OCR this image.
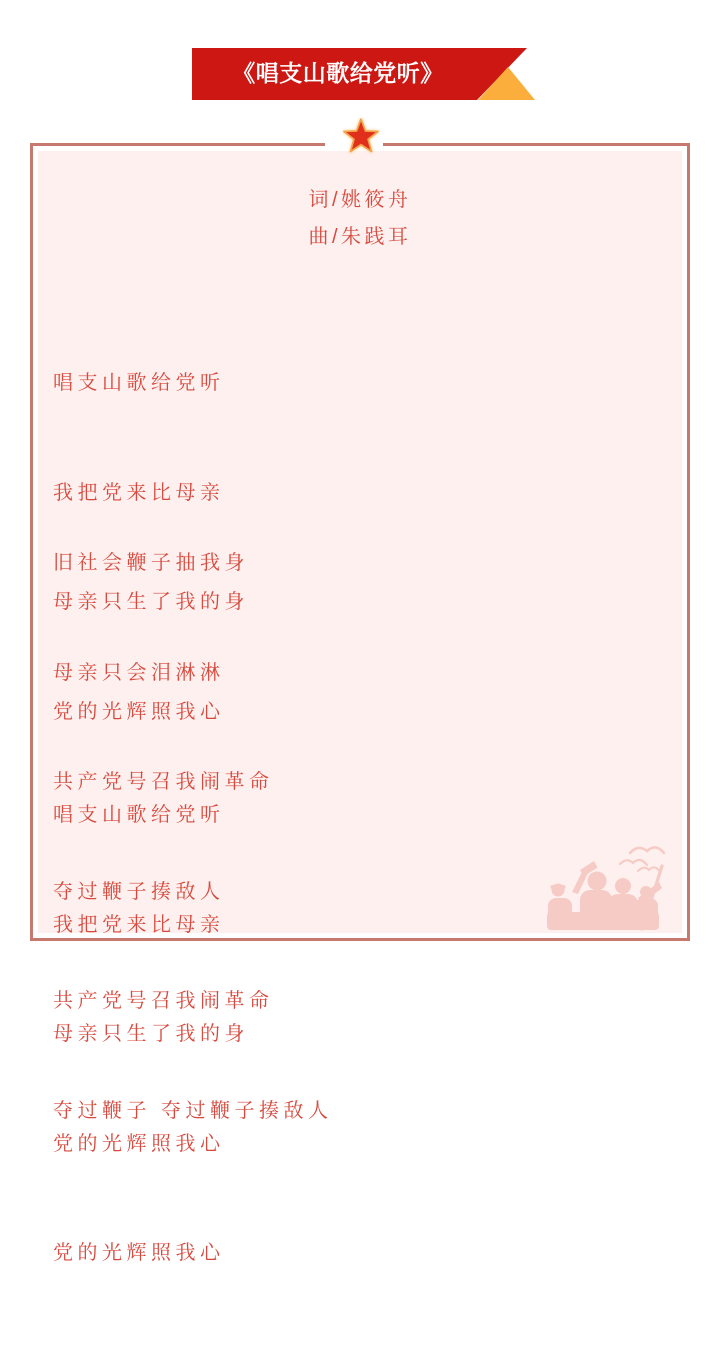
《唱支山歌给党听》
词/姚筱舟
曲/朱践耳

唱支山歌给党听

我把党来比母亲

母亲只生了我的身

党的光辉照我心

旧社会鞭子抽我身

母亲只会泪淋淋

共产党号召我闹革命

夺过鞭子揍敌人

共产党号召我闹革命

夺过鞭子 夺过鞭子揍敌人

唱支山歌给党听

我把党来比母亲

母亲只生了我的身

党的光辉照我心

党的光辉照我心
